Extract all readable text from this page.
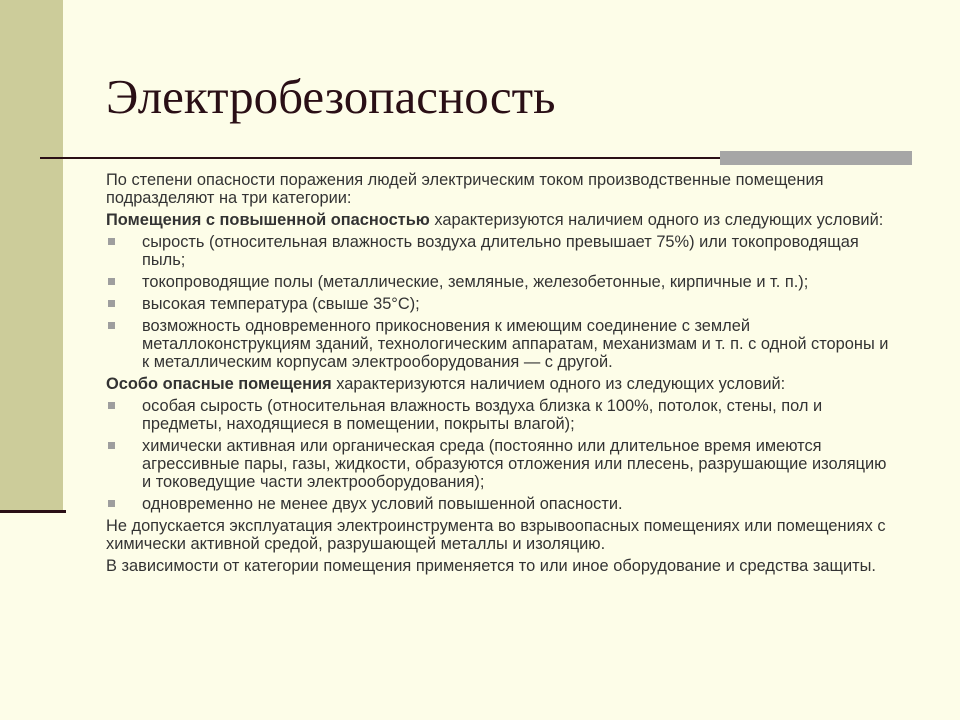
Электробезопасность

По степени опасности поражения людей электрическим током производственные помещения подразделяют на три категории:

Помещения с повышенной опасностью характеризуются наличием одного из следующих условий:

сырость (относительная влажность воздуха длительно превышает 75%) или токопроводящая пыль;
токопроводящие полы (металлические, земляные, железобетонные, кирпичные и т. п.);
высокая температура (свыше 35°С);
возможность одновременного прикосновения к имеющим соединение с землей металлоконструкциям зданий, технологическим аппаратам, механизмам и т. п. с одной стороны и к металлическим корпусам электрооборудования — с другой.

Особо опасные помещения характеризуются наличием одного из следующих условий:

особая сырость (относительная влажность воздуха близка к 100%, потолок, стены, пол и предметы, находящиеся в помещении, покрыты влагой);
химически активная или органическая среда (постоянно или длительное время имеются агрессивные пары, газы, жидкости, образуются отложения или плесень, разрушающие изоляцию и токоведущие части электрооборудования);
одновременно не менее двух условий повышенной опасности.

Не допускается эксплуатация электроинструмента во взрывоопасных помещениях или помещениях с химически активной средой, разрушающей металлы и изоляцию.

В зависимости от категории помещения применяется то или иное оборудование и средства защиты.
